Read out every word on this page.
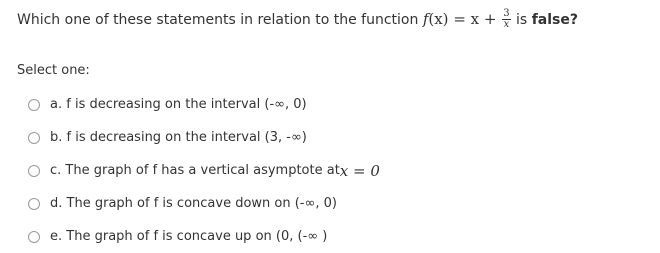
Which one of these statements in relation to the function $f(x) = x + \frac{3}{x}$ is false?
Select one:
a.
f is decreasing on the interval (-∞, 0)
b.
f is decreasing on the interval (3, -∞)
c.
The graph of f has a vertical asymptote at x = 0
d.
The graph of f is concave down on (-∞, 0)
e.
The graph of f is concave up on (0, (-∞ )
